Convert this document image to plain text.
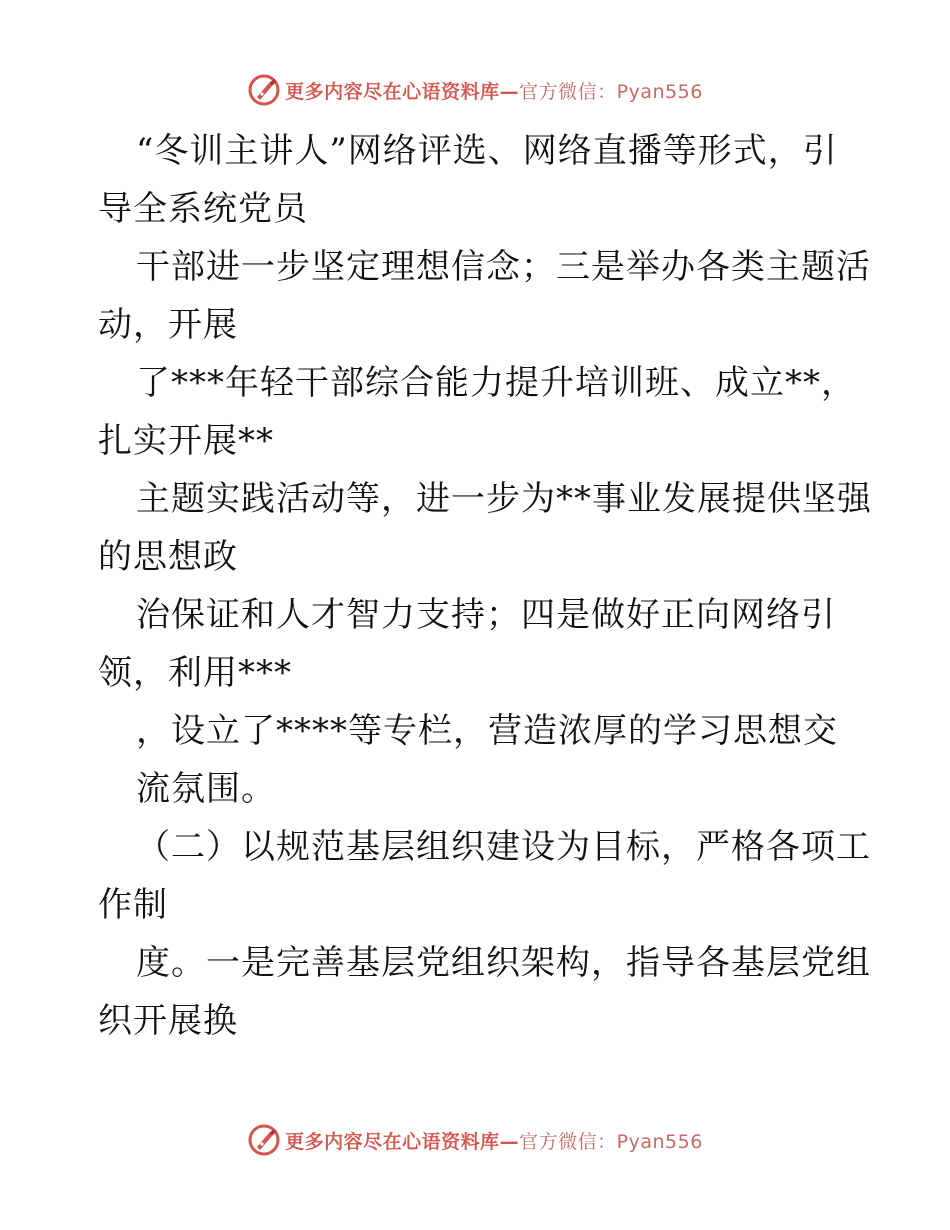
更多内容尽在心语资料库—官方微信：Pyan556
“冬训主讲人”网络评选、网络直播等形式，引
导全系统党员
干部进一步坚定理想信念；三是举办各类主题活
动，开展
了***年轻干部综合能力提升培训班、成立**，
扎实开展**
主题实践活动等，进一步为**事业发展提供坚强
的思想政
治保证和人才智力支持；四是做好正向网络引
领，利用***
，设立了****等专栏，营造浓厚的学习思想交
流氛围。
（二）以规范基层组织建设为目标，严格各项工
作制
度。一是完善基层党组织架构，指导各基层党组
织开展换
更多内容尽在心语资料库—官方微信：Pyan556
